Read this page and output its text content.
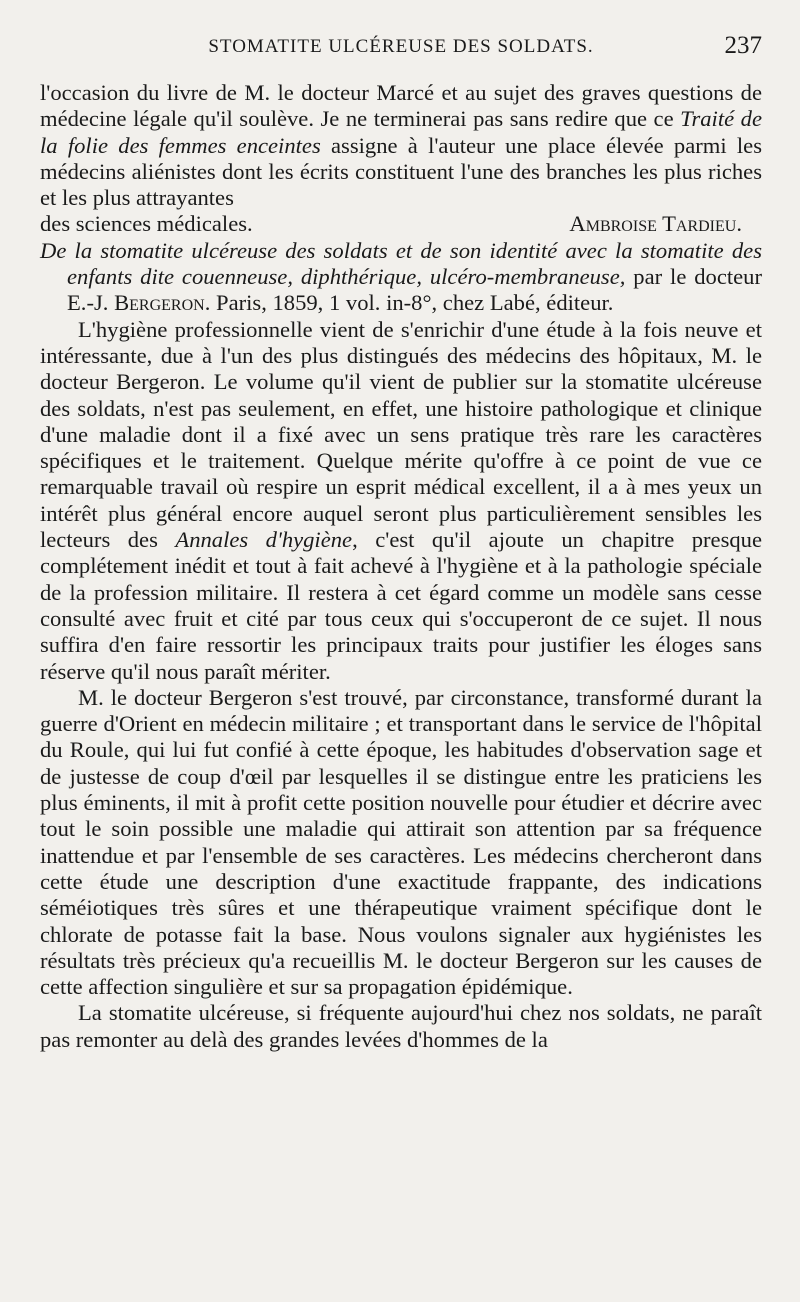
STOMATITE ULCÉREUSE DES SOLDATS.	237

l'occasion du livre de M. le docteur Marcé et au sujet des graves questions de médecine légale qu'il soulève. Je ne terminerai pas sans redire que ce Traité de la folie des femmes enceintes assigne à l'auteur une place élevée parmi les médecins aliénistes dont les écrits constituent l'une des branches les plus riches et les plus attrayantes

des sciences médicales.	Ambroise Tardieu.

De la stomatite ulcéreuse des soldats et de son identité avec la stomatite des enfants dite couenneuse, diphthérique, ulcéro-membraneuse, par le docteur E.-J. Bergeron. Paris, 1859, 1 vol. in-8°, chez Labé, éditeur.

L'hygiène professionnelle vient de s'enrichir d'une étude à la fois neuve et intéressante, due à l'un des plus distingués des médecins des hôpitaux, M. le docteur Bergeron. Le volume qu'il vient de publier sur la stomatite ulcéreuse des soldats, n'est pas seulement, en effet, une histoire pathologique et clinique d'une maladie dont il a fixé avec un sens pratique très rare les caractères spécifiques et le traitement. Quelque mérite qu'offre à ce point de vue ce remarquable travail où respire un esprit médical excellent, il a à mes yeux un intérêt plus général encore auquel seront plus particulièrement sensibles les lecteurs des Annales d'hygiène, c'est qu'il ajoute un chapitre presque complétement inédit et tout à fait achevé à l'hygiène et à la pathologie spéciale de la profession militaire. Il restera à cet égard comme un modèle sans cesse consulté avec fruit et cité par tous ceux qui s'occuperont de ce sujet. Il nous suffira d'en faire ressortir les principaux traits pour justifier les éloges sans réserve qu'il nous paraît mériter.

M. le docteur Bergeron s'est trouvé, par circonstance, transformé durant la guerre d'Orient en médecin militaire ; et transportant dans le service de l'hôpital du Roule, qui lui fut confié à cette époque, les habitudes d'observation sage et de justesse de coup d'œil par lesquelles il se distingue entre les praticiens les plus éminents, il mit à profit cette position nouvelle pour étudier et décrire avec tout le soin possible une maladie qui attirait son attention par sa fréquence inattendue et par l'ensemble de ses caractères. Les médecins chercheront dans cette étude une description d'une exactitude frappante, des indications séméiotiques très sûres et une thérapeutique vraiment spécifique dont le chlorate de potasse fait la base. Nous voulons signaler aux hygiénistes les résultats très précieux qu'a recueillis M. le docteur Bergeron sur les causes de cette affection singulière et sur sa propagation épidémique.

La stomatite ulcéreuse, si fréquente aujourd'hui chez nos soldats, ne paraît pas remonter au delà des grandes levées d'hommes de la
